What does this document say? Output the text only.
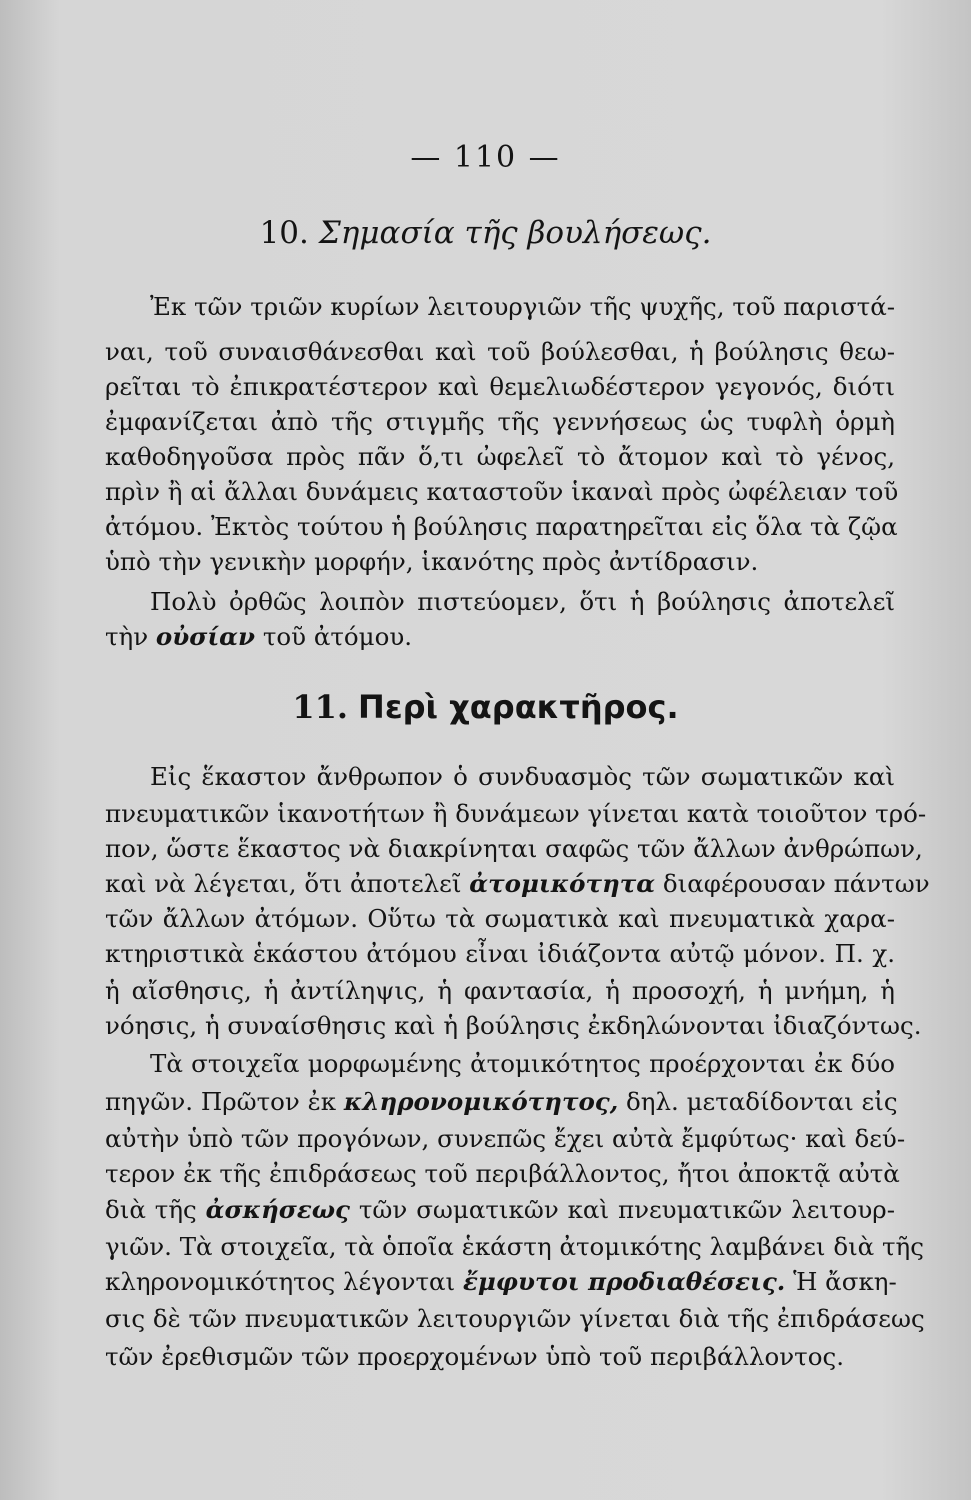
— 110 —
10. Σημασία τῆς βουλήσεως.
Ἐκ τῶν τριῶν κυρίων λειτουργιῶν τῆς ψυχῆς, τοῦ παριστά-
ναι, τοῦ συναισθάνεσθαι καὶ τοῦ βούλεσθαι, ἡ βούλησις θεω-
ρεῖται τὸ ἐπικρατέστερον καὶ θεμελιωδέστερον γεγονός, διότι
ἐμφανίζεται ἀπὸ τῆς στιγμῆς τῆς γεννήσεως ὡς τυφλὴ ὁρμὴ
καθοδηγοῦσα πρὸς πᾶν ὅ,τι ὠφελεῖ τὸ ἄτομον καὶ τὸ γένος,
πρὶν ἢ αἱ ἄλλαι δυνάμεις καταστοῦν ἱκαναὶ πρὸς ὠφέλειαν τοῦ
ἀτόμου. Ἐκτὸς τούτου ἡ βούλησις παρατηρεῖται εἰς ὅλα τὰ ζῷα
ὑπὸ τὴν γενικὴν μορφήν, ἱκανότης πρὸς ἀντίδρασιν.
Πολὺ ὀρθῶς λοιπὸν πιστεύομεν, ὅτι ἡ βούλησις ἀποτελεῖ
τὴν οὐσίαν τοῦ ἀτόμου.
11. Περὶ χαρακτῆρος.
Εἰς ἕκαστον ἄνθρωπον ὁ συνδυασμὸς τῶν σωματικῶν καὶ
πνευματικῶν ἱκανοτήτων ἢ δυνάμεων γίνεται κατὰ τοιοῦτον τρό-
πον, ὥστε ἕκαστος νὰ διακρίνηται σαφῶς τῶν ἄλλων ἀνθρώπων,
καὶ νὰ λέγεται, ὅτι ἀποτελεῖ ἀτομικότητα διαφέρουσαν πάντων
τῶν ἄλλων ἀτόμων. Οὕτω τὰ σωματικὰ καὶ πνευματικὰ χαρα-
κτηριστικὰ ἑκάστου ἀτόμου εἶναι ἰδιάζοντα αὐτῷ μόνον. Π. χ.
ἡ αἴσθησις, ἡ ἀντίληψις, ἡ φαντασία, ἡ προσοχή, ἡ μνήμη, ἡ
νόησις, ἡ συναίσθησις καὶ ἡ βούλησις ἐκδηλώνονται ἰδιαζόντως.
Τὰ στοιχεῖα μορφωμένης ἀτομικότητος προέρχονται ἐκ δύο
πηγῶν. Πρῶτον ἐκ κληρονομικότητος, δηλ. μεταδίδονται εἰς
αὐτὴν ὑπὸ τῶν προγόνων, συνεπῶς ἔχει αὐτὰ ἔμφύτως· καὶ δεύ-
τερον ἐκ τῆς ἐπιδράσεως τοῦ περιβάλλοντος, ἤτοι ἀποκτᾷ αὐτὰ
διὰ τῆς ἀσκήσεως τῶν σωματικῶν καὶ πνευματικῶν λειτουρ-
γιῶν. Τὰ στοιχεῖα, τὰ ὁποῖα ἑκάστη ἀτομικότης λαμβάνει διὰ τῆς
κληρονομικότητος λέγονται ἔμφυτοι προδιαθέσεις. Ἡ ἄσκη-
σις δὲ τῶν πνευματικῶν λειτουργιῶν γίνεται διὰ τῆς ἐπιδράσεως
τῶν ἐρεθισμῶν τῶν προερχομένων ὑπὸ τοῦ περιβάλλοντος.
